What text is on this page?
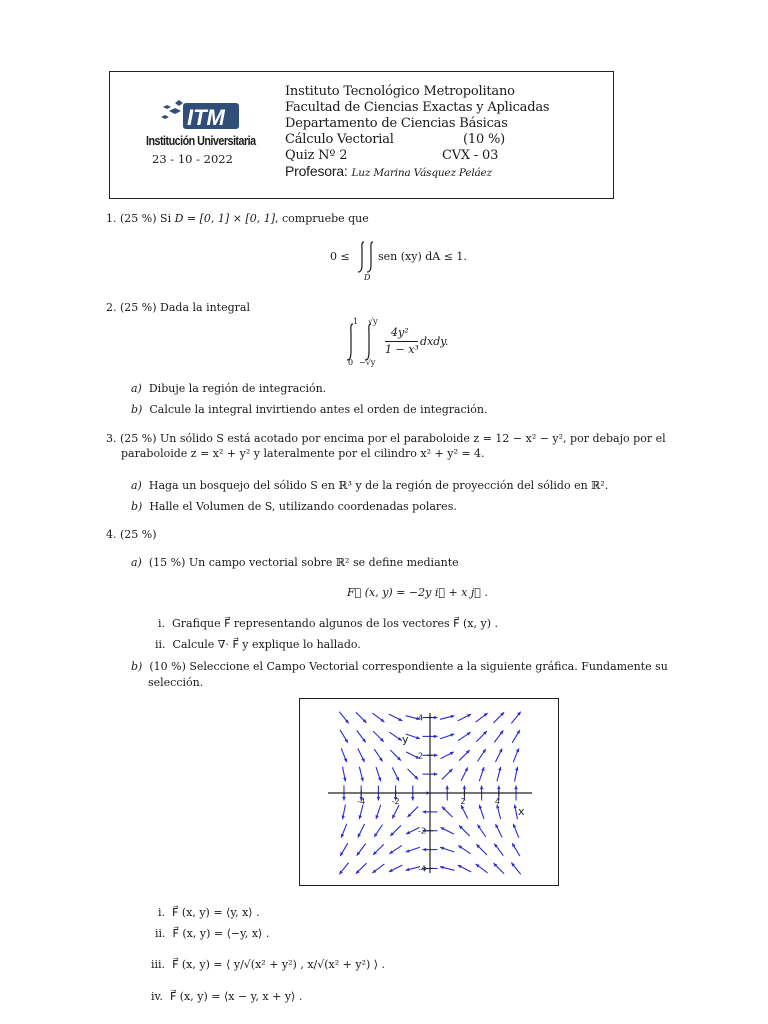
ITM
Institución Universitaria
23 - 10 - 2022
Instituto Tecnológico Metropolitano
Facultad de Ciencias Exactas y Aplicadas
Departamento de Ciencias Básicas
Cálculo Vectorial	(10 %)
Quiz Nº 2	CVX - 03
Profesora: Luz Marina Vásquez Peláez
1. (25 %) Si D = [0, 1] × [0, 1], compruebe que
0 ≤	sen (xy) dA ≤ 1.
D
2. (25 %) Dada la integral
1
0
√y
−√y
4y²
1 − x³
dxdy.
a) Dibuje la región de integración.
b) Calcule la integral invirtiendo antes el orden de integración.
3. (25 %) Un sólido S está acotado por encima por el paraboloide z = 12 − x² − y², por debajo por el
paraboloide z = x² + y² y lateralmente por el cilindro x² + y² = 4.
a) Haga un bosquejo del sólido S en ℝ³ y de la región de proyección del sólido en ℝ².
b) Halle el Volumen de S, utilizando coordenadas polares.
4. (25 %)
a) (15 %) Un campo vectorial sobre ℝ² se define mediante
F⃗ (x, y) = −2y i⃗ + x j⃗ .
i. Grafique F⃗ representando algunos de los vectores F⃗ (x, y) .
ii. Calcule ∇· F⃗ y explique lo hallado.
b) (10 %) Seleccione el Campo Vectorial correspondiente a la siguiente gráfica. Fundamente su
selección.
-4	-2	2	4
4
2
-2
-4
y
x
i. F⃗ (x, y) = ⟨y, x⟩ .
ii. F⃗ (x, y) = ⟨−y, x⟩ .
iii. F⃗ (x, y) = ⟨ y/√(x² + y²) , x/√(x² + y²) ⟩ .
iv. F⃗ (x, y) = ⟨x − y, x + y⟩ .
